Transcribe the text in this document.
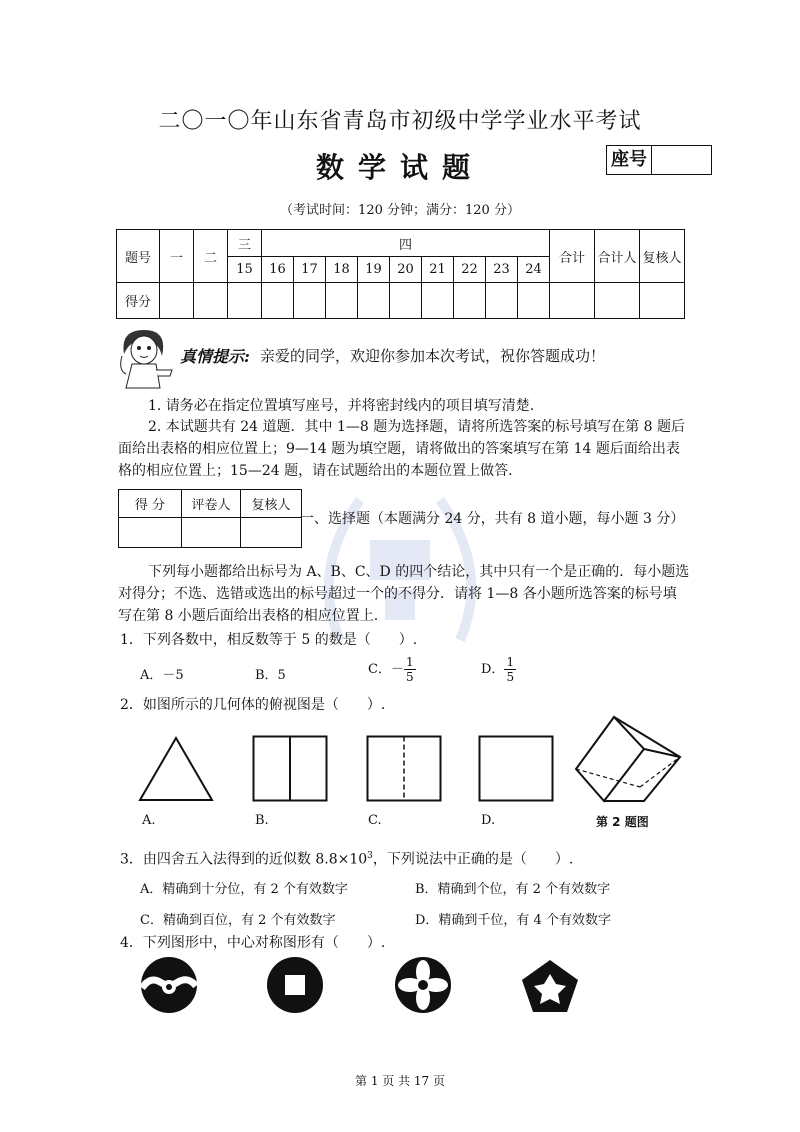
二〇一〇年山东省青岛市初级中学学业水平考试
数学试题	座号
（考试时间：120 分钟；满分：120 分）
题号	一	二	三	四									合计	合计人	复核人
			15	16	17	18	19	20	21	22	23	24			
得分															
真情提示: 亲爱的同学，欢迎你参加本次考试，祝你答题成功！
1. 请务必在指定位置填写座号，并将密封线内的项目填写清楚.
2. 本试题共有 24 道题．其中 1—8 题为选择题，请将所选答案的标号填写在第 8 题后
面给出表格的相应位置上；9—14 题为填空题，请将做出的答案填写在第 14 题后面给出表
格的相应位置上；15—24 题，请在试题给出的本题位置上做答.
得 分	评卷人	复核人

一、选择题（本题满分 24 分，共有 8 道小题，每小题 3 分）
下列每小题都给出标号为 A、B、C、D 的四个结论，其中只有一个是正确的．每小题选
对得分；不选、选错或选出的标号超过一个的不得分．请将 1—8 各小题所选答案的标号填
写在第 8 小题后面给出表格的相应位置上.
1．下列各数中，相反数等于 5 的数是（　　）.
A．－5	B．5	C．－ $\frac{1}{5}$	D． $\frac{1}{5}$
2．如图所示的几何体的俯视图是（　　）.
A.	B.	C.	D.	第 2 题图
3．由四舍五入法得到的近似数 $8.8\times 10^3$，下列说法中正确的是（　　）.
A．精确到十分位，有 2 个有效数字	B．精确到个位，有 2 个有效数字
C．精确到百位，有 2 个有效数字	D．精确到千位，有 4 个有效数字
4．下列图形中，中心对称图形有（　　）.
第 1 页 共 17 页
